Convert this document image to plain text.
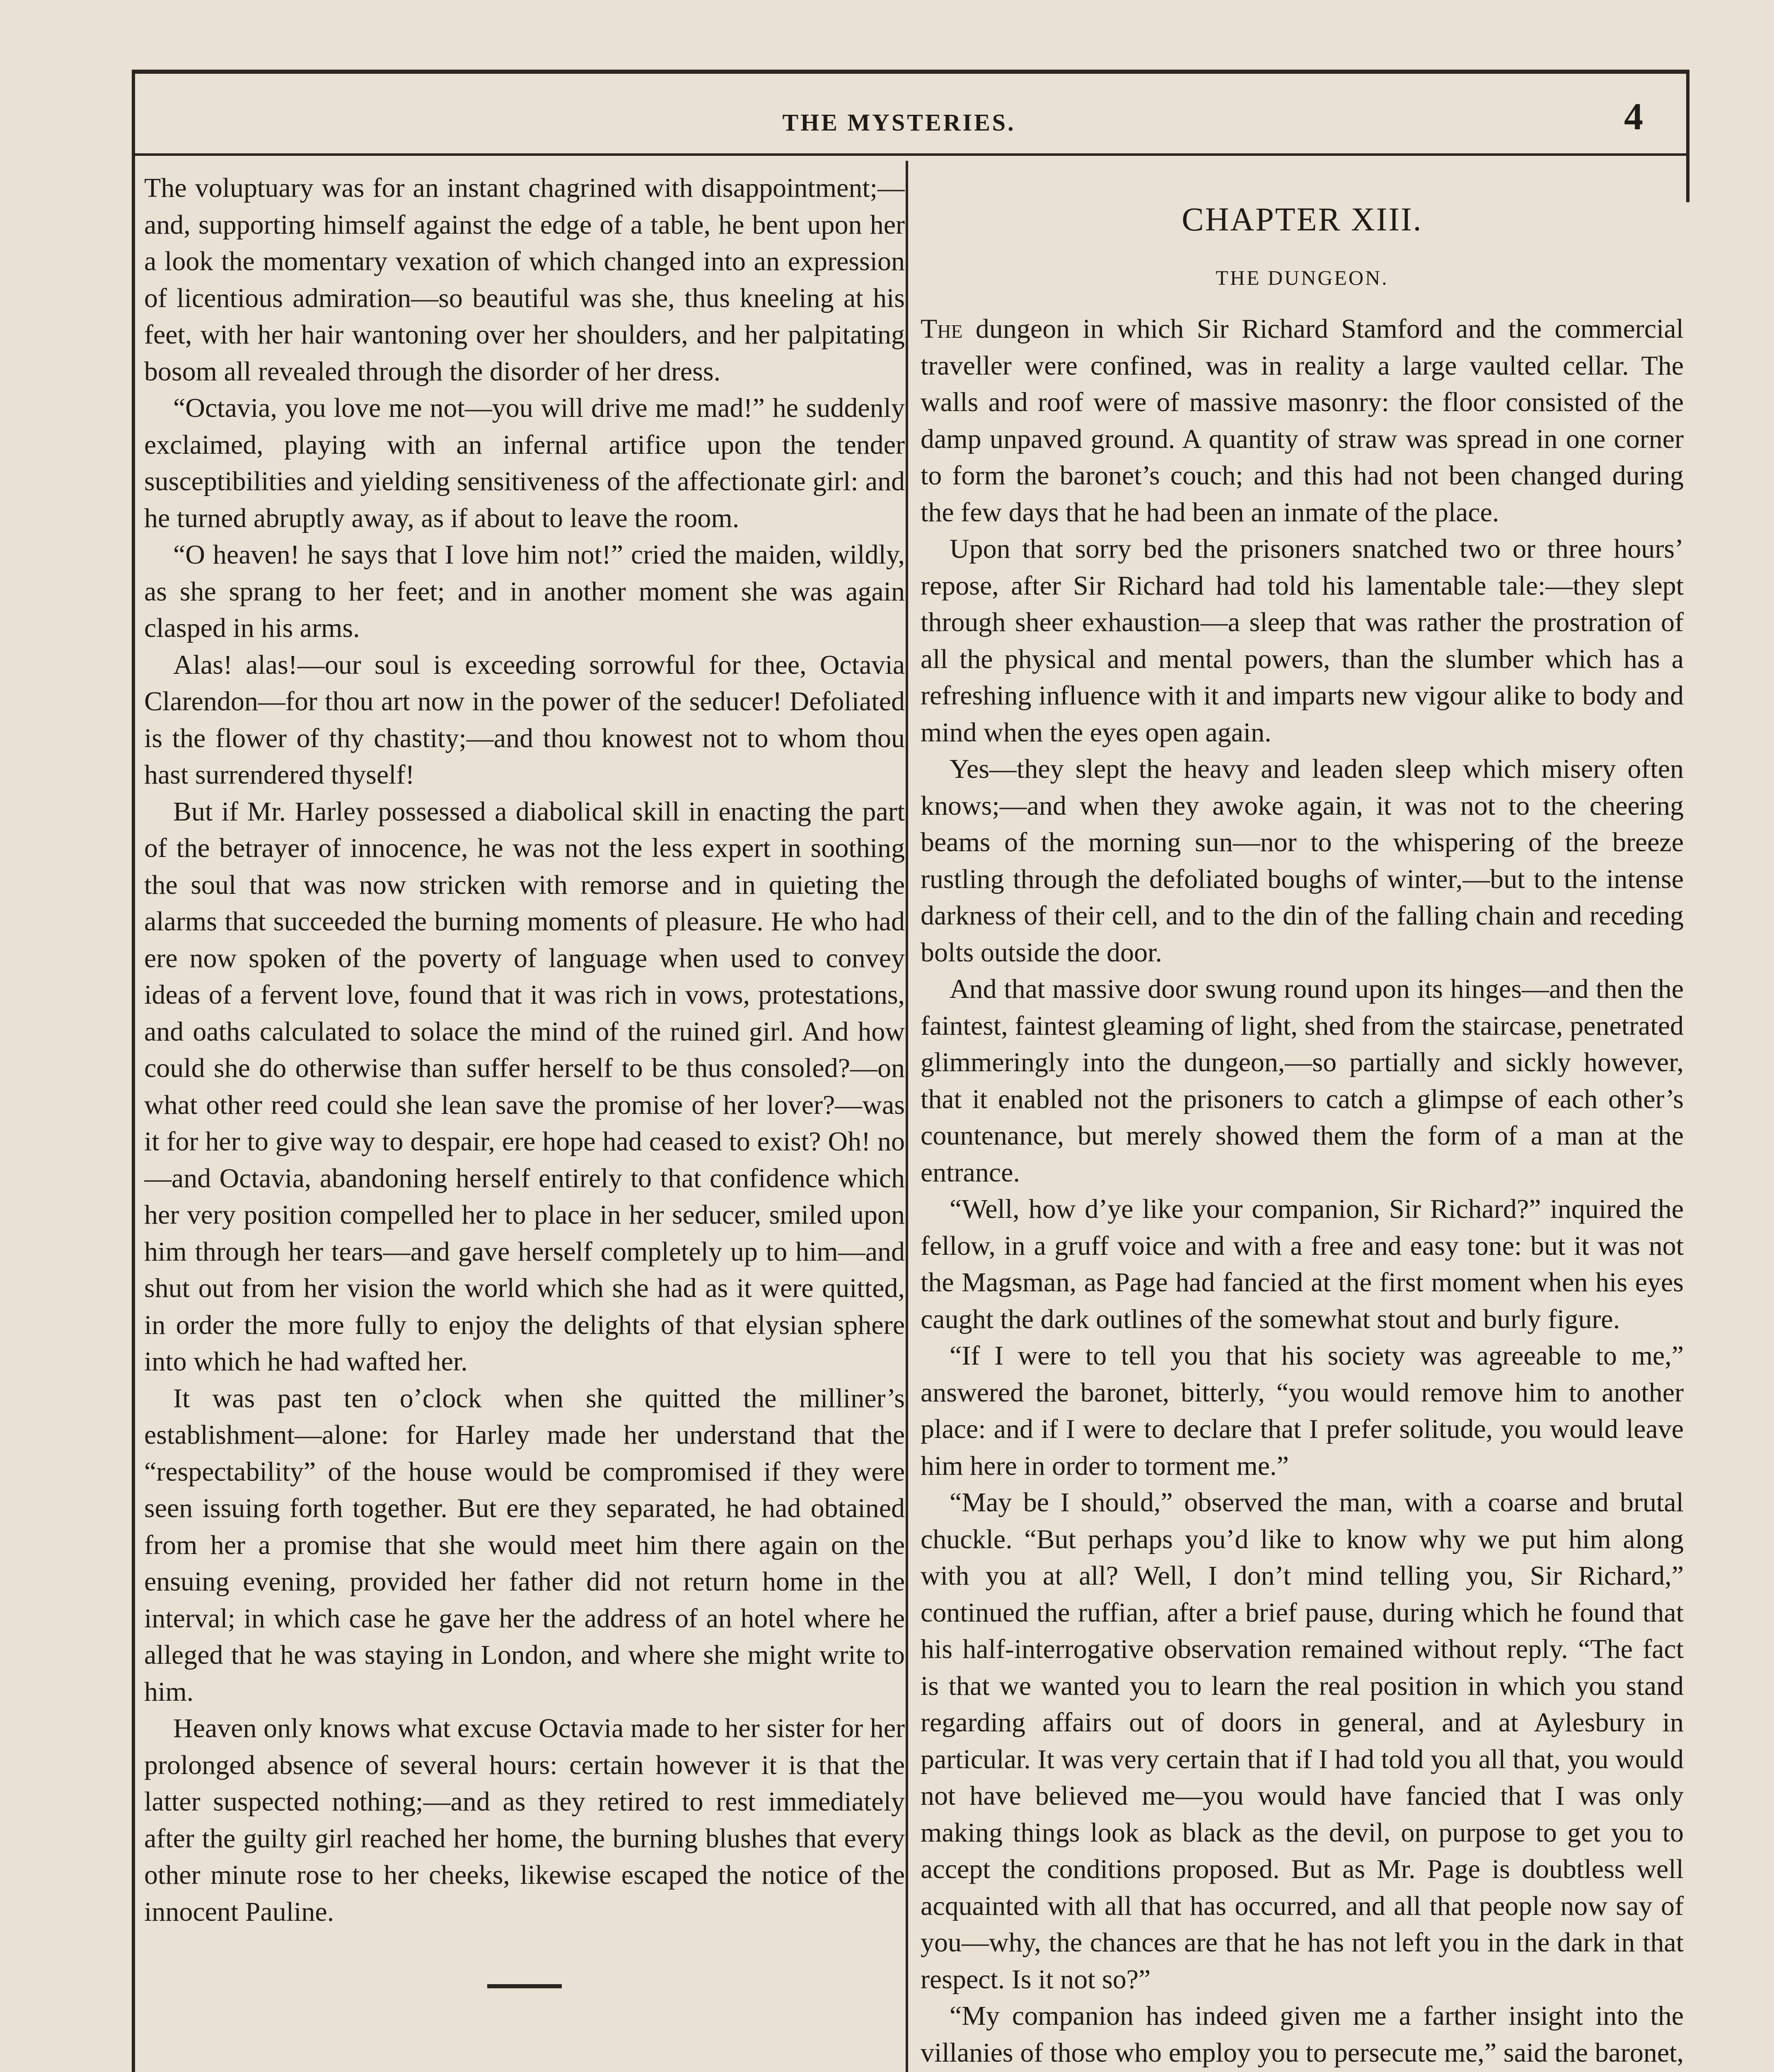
THE MYSTERIES.	4

The voluptuary was for an instant chagrined with disappointment;—and, supporting himself against the edge of a table, he bent upon her a look the momentary vexation of which changed into an expression of licentious admiration—so beautiful was she, thus kneeling at his feet, with her hair wantoning over her shoulders, and her palpitating bosom all revealed through the disorder of her dress.

“Octavia, you love me not—you will drive me mad!” he suddenly exclaimed, playing with an infernal artifice upon the tender susceptibilities and yielding sensitiveness of the affectionate girl: and he turned abruptly away, as if about to leave the room.

“O heaven! he says that I love him not!” cried the maiden, wildly, as she sprang to her feet; and in another moment she was again clasped in his arms.

Alas! alas!—our soul is exceeding sorrowful for thee, Octavia Clarendon—for thou art now in the power of the seducer! Defoliated is the flower of thy chastity;—and thou knowest not to whom thou hast surrendered thyself!

But if Mr. Harley possessed a diabolical skill in enacting the part of the betrayer of innocence, he was not the less expert in soothing the soul that was now stricken with remorse and in quieting the alarms that succeeded the burning moments of pleasure. He who had ere now spoken of the poverty of language when used to convey ideas of a fervent love, found that it was rich in vows, protestations, and oaths calculated to solace the mind of the ruined girl. And how could she do otherwise than suffer herself to be thus consoled?—on what other reed could she lean save the promise of her lover?—was it for her to give way to despair, ere hope had ceased to exist? Oh! no—and Octavia, abandoning herself entirely to that confidence which her very position compelled her to place in her seducer, smiled upon him through her tears—and gave herself completely up to him—and shut out from her vision the world which she had as it were quitted, in order the more fully to enjoy the delights of that elysian sphere into which he had wafted her.

It was past ten o’clock when she quitted the milliner’s establishment—alone: for Harley made her understand that the “respectability” of the house would be compromised if they were seen issuing forth together. But ere they separated, he had obtained from her a promise that she would meet him there again on the ensuing evening, provided her father did not return home in the interval; in which case he gave her the address of an hotel where he alleged that he was staying in London, and where she might write to him.

Heaven only knows what excuse Octavia made to her sister for her prolonged absence of several hours: certain however it is that the latter suspected nothing;—and as they retired to rest immediately after the guilty girl reached her home, the burning blushes that every other minute rose to her cheeks, likewise escaped the notice of the innocent Pauline.

CHAPTER XIII.
THE DUNGEON.

The dungeon in which Sir Richard Stamford and the commercial traveller were confined, was in reality a large vaulted cellar. The walls and roof were of massive masonry: the floor consisted of the damp unpaved ground. A quantity of straw was spread in one corner to form the baronet’s couch; and this had not been changed during the few days that he had been an inmate of the place.

Upon that sorry bed the prisoners snatched two or three hours’ repose, after Sir Richard had told his lamentable tale:—they slept through sheer exhaustion—a sleep that was rather the prostration of all the physical and mental powers, than the slumber which has a refreshing influence with it and imparts new vigour alike to body and mind when the eyes open again.

Yes—they slept the heavy and leaden sleep which misery often knows;—and when they awoke again, it was not to the cheering beams of the morning sun—nor to the whispering of the breeze rustling through the defoliated boughs of winter,—but to the intense darkness of their cell, and to the din of the falling chain and receding bolts outside the door.

And that massive door swung round upon its hinges—and then the faintest, faintest gleaming of light, shed from the staircase, penetrated glimmeringly into the dungeon,—so partially and sickly however, that it enabled not the prisoners to catch a glimpse of each other’s countenance, but merely showed them the form of a man at the entrance.

“Well, how d’ye like your companion, Sir Richard?” inquired the fellow, in a gruff voice and with a free and easy tone: but it was not the Magsman, as Page had fancied at the first moment when his eyes caught the dark outlines of the somewhat stout and burly figure.

“If I were to tell you that his society was agreeable to me,” answered the baronet, bitterly, “you would remove him to another place: and if I were to declare that I prefer solitude, you would leave him here in order to torment me.”

“May be I should,” observed the man, with a coarse and brutal chuckle. “But perhaps you’d like to know why we put him along with you at all? Well, I don’t mind telling you, Sir Richard,” continued the ruffian, after a brief pause, during which he found that his half-interrogative observation remained without reply. “The fact is that we wanted you to learn the real position in which you stand regarding affairs out of doors in general, and at Aylesbury in particular. It was very certain that if I had told you all that, you would not have believed me—you would have fancied that I was only making things look as black as the devil, on purpose to get you to accept the conditions proposed. But as Mr. Page is doubtless well acquainted with all that has occurred, and all that people now say of you—why, the chances are that he has not left you in the dark in that respect. Is it not so?”

“My companion has indeed given me a farther insight into the villanies of those who employ you to persecute me,” said the baronet,
